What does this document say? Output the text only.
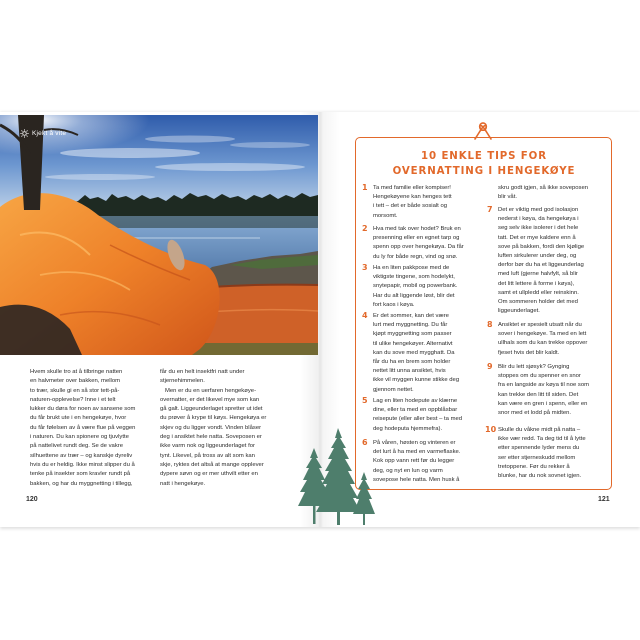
Kjekt å vite
Hvem skulle tro at å tilbringe natten
en halvmeter over bakken, mellom
to trær, skulle gi en så stor tett-på-
naturen-opplevelse? Inne i et telt
lukker du døra for noen av sansene som
du får brukt ute i en hengekøye, hvor
du får følelsen av å være flue på veggen
i naturen. Du kan spionere og tjuvlytte
på nattelivet rundt deg. Se de vakre
silhuettene av trær – og kanskje dyreliv
hvis du er heldig. Ikke minst slipper du å
tenke på insekter som kravler rundt på
bakken, og har du myggnetting i tillegg,
får du en helt insektfri natt under
stjernehimmelen.
Men er du en uerfaren hengekøye-
overnatter, er det likevel mye som kan
gå galt. Liggeunderlaget spretter ut idet
du prøver å krype til køys. Hengekøya er
skjev og du ligger vondt. Vinden blåser
deg i ansiktet hele natta. Soveposen er
ikke varm nok og liggeunderlaget for
tynt. Likevel, på tross av alt som kan
skje, ryktes det altså at mange opplever
dypere søvn og er mer uthvilt etter en
natt i hengekøye.
120
10 ENKLE TIPS FOR
OVERNATTING I HENGEKØYE
1 Ta med familie eller kompiser!
Hengekøyene kan henges tett
i tett – det er både sosialt og
morsomt.
2 Hva med tak over hodet? Bruk en
presenning eller en egnet tarp og
spenn opp over hengekøya. Da får
du ly for både regn, vind og snø.
3 Ha en liten pakkpose med de
viktigste tingene, som hodelykt,
snytepapir, mobil og powerbank.
Har du alt liggende løst, blir det
fort kaos i køya.
4 Er det sommer, kan det være
lurt med myggnetting. Du får
kjøpt myggnetting som passer
til ulike hengekøyer. Alternativt
kan du sove med mygghatt. Da
får du ha en brem som holder
nettet litt unna ansiktet, hvis
ikke vil myggen kunne stikke deg
gjennom nettet.
5 Lag en liten hodepute av klærne
dine, eller ta med en oppblåsbar
reisepute (eller aller best – ta med
deg hodeputa hjemmefra).
6 På våren, høsten og vinteren er
det lurt å ha med en varmeflaske.
Kok opp vann rett før du legger
deg, og nyt en lun og varm
sovepose hele natta. Men husk å
skru godt igjen, så ikke soveposen
blir våt.
7 Det er viktig med god isolasjon
nederst i køya, da hengekøya i
seg selv ikke isolerer i det hele
tatt. Det er mye kaldere enn å
sove på bakken, fordi den kjølige
luften sirkulerer under deg, og
derfor bør du ha et liggeunderlag
med luft (gjerne halvfylt, så blir
det litt lettere å forme i køya),
samt et ullpledd eller reinskinn.
Om sommeren holder det med
liggeunderlaget.
8 Ansiktet er spesielt utsatt når du
sover i hengekøye. Ta med en lett
ullhals som du kan trekke oppover
fjeset hvis det blir kaldt.
9 Blir du lett sjøsyk? Gynging
stoppes om du spenner en snor
fra en langside av køya til noe som
kan trekke den litt til siden. Det
kan være en gren i spenn, eller en
snor med et lodd på midten.
10 Skulle du våkne midt på natta –
ikke vær redd. Ta deg tid til å lytte
etter spennende lyder mens du
ser etter stjerneskudd mellom
tretoppene. Før du rekker å
blunke, har du nok sovnet igjen.
121
